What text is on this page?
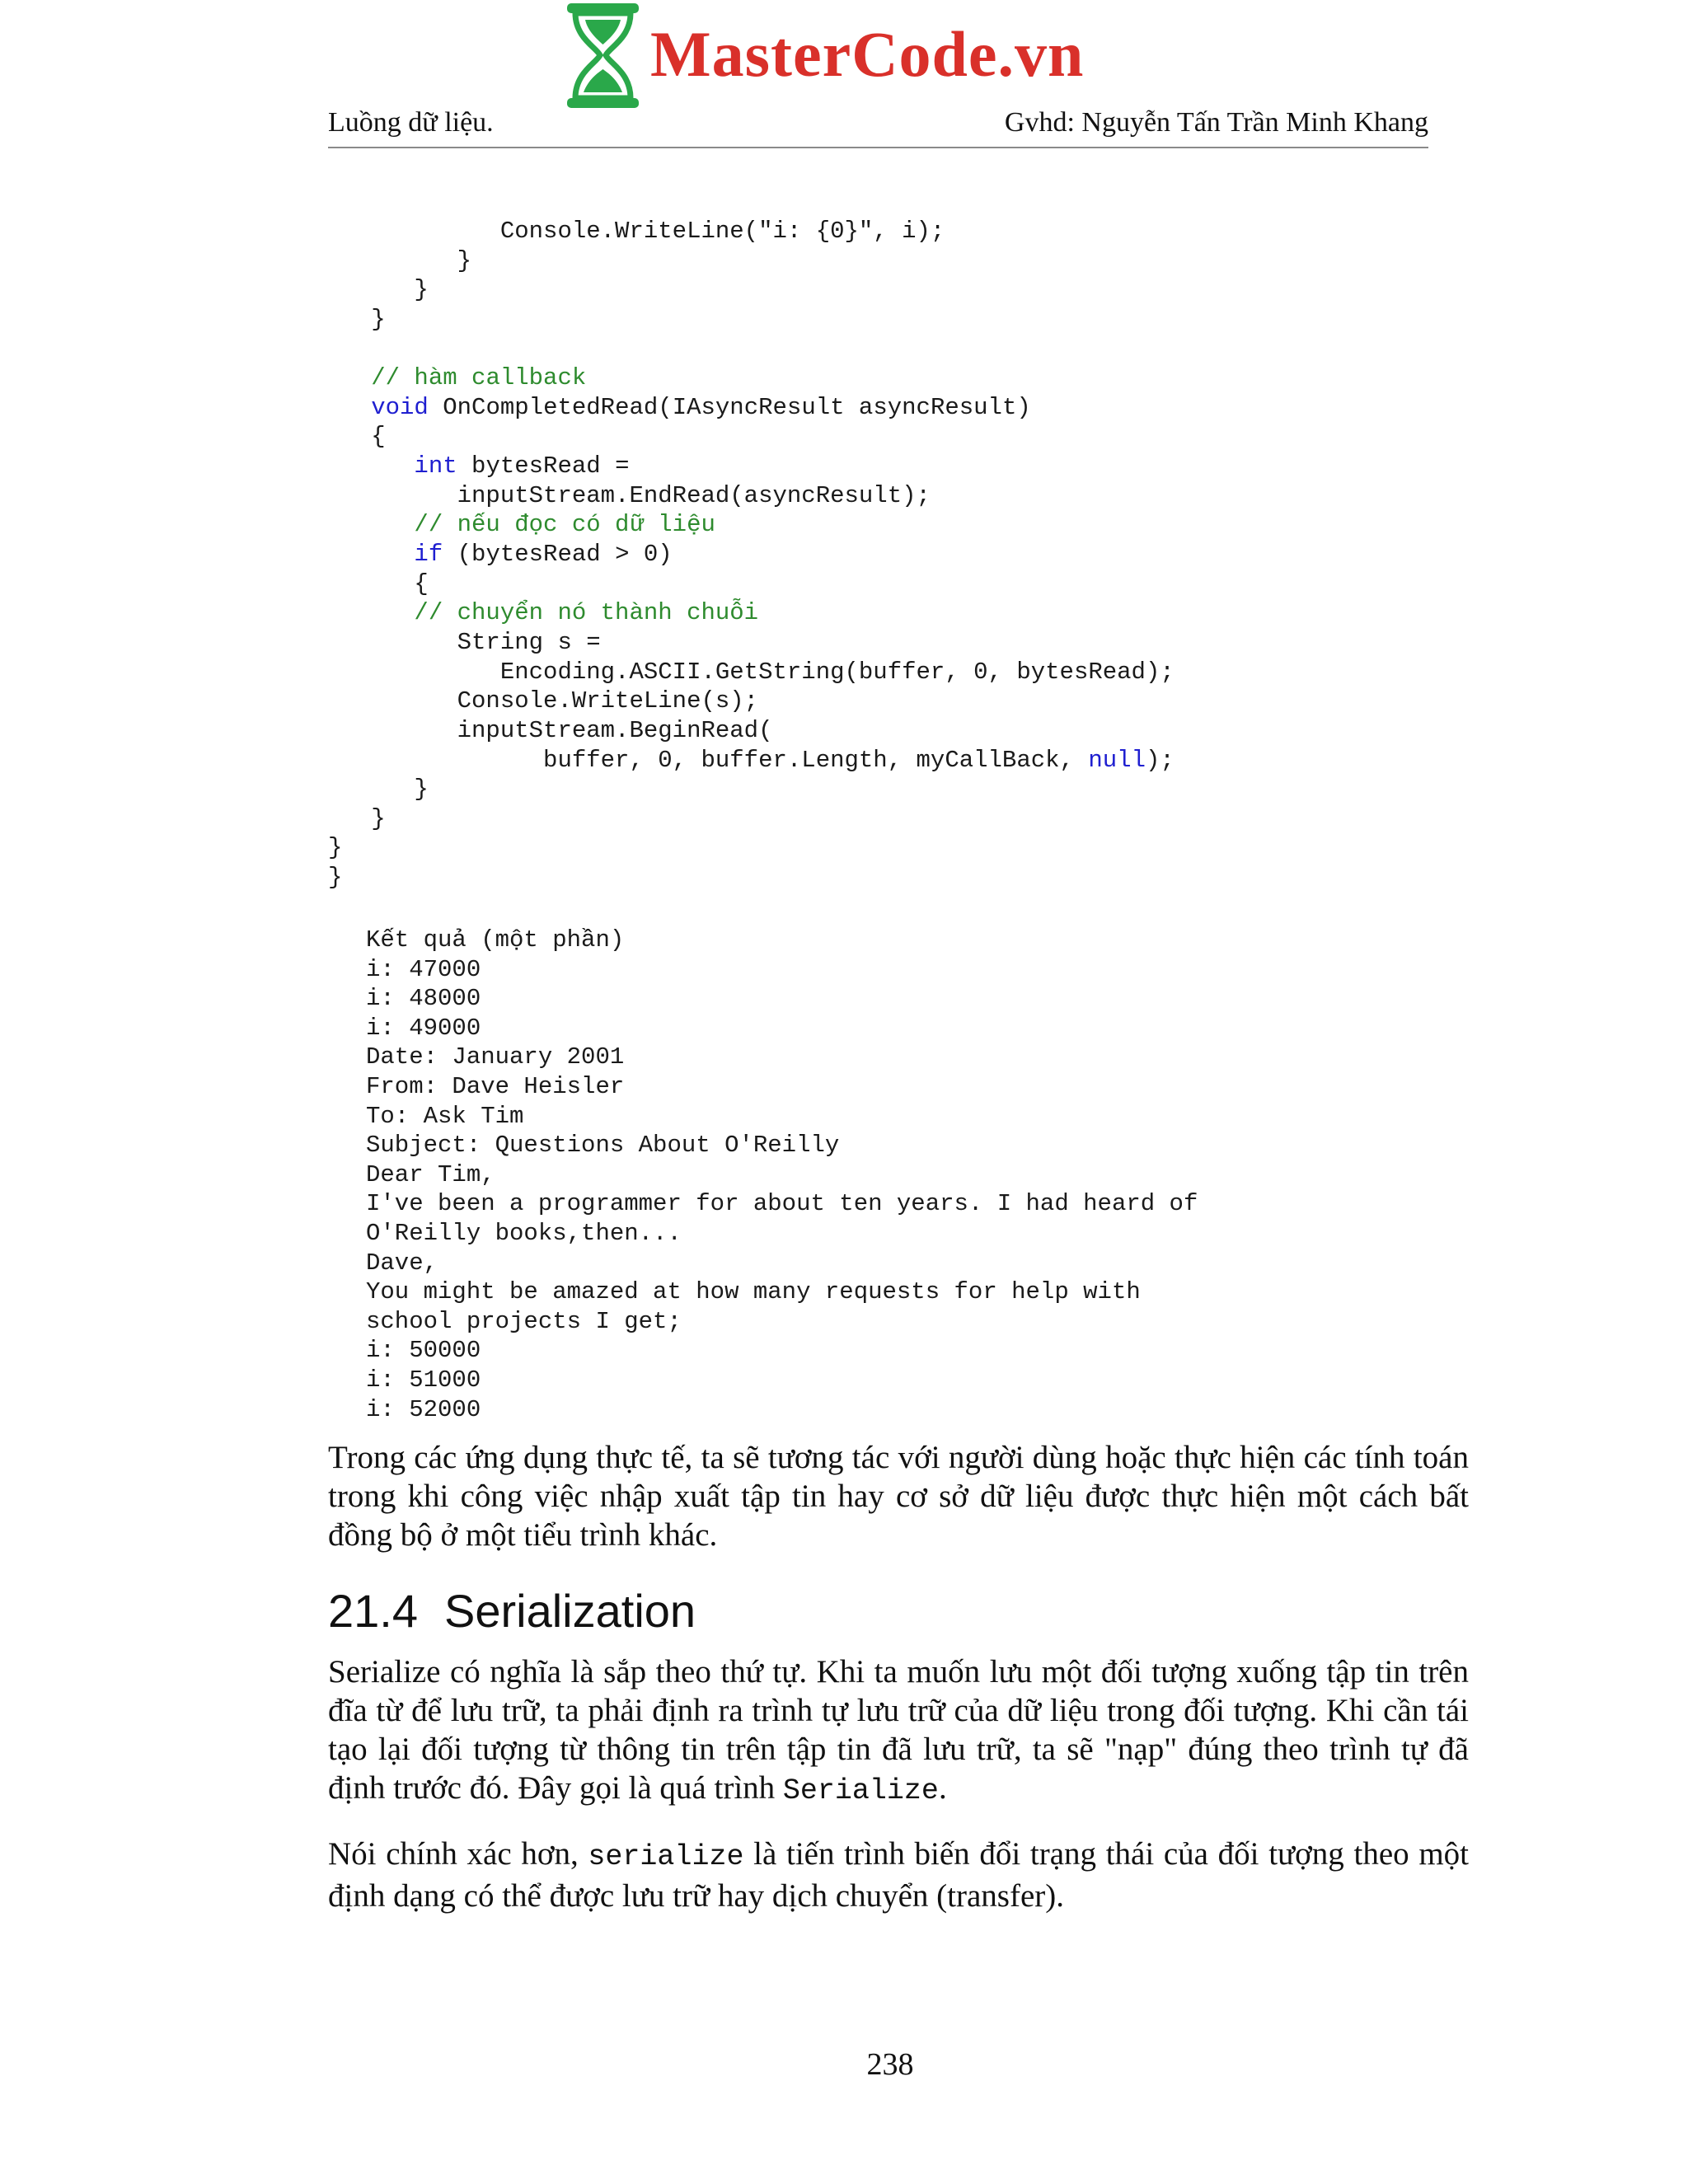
MasterCode.vn
Luồng dữ liệu.	Gvhd: Nguyễn Tấn Trần Minh Khang
Console.WriteLine("i: {0}", i);
}
}
}
// hàm callback
void OnCompletedRead(IAsyncResult asyncResult)
{
int bytesRead =
inputStream.EndRead(asyncResult);
// nếu đọc có dữ liệu
if (bytesRead > 0)
{
// chuyển nó thành chuỗi
String s =
Encoding.ASCII.GetString(buffer, 0, bytesRead);
Console.WriteLine(s);
inputStream.BeginRead(
buffer, 0, buffer.Length, myCallBack, null);
}
}
}
}
Kết quả (một phần)
i: 47000
i: 48000
i: 49000
Date: January 2001
From: Dave Heisler
To: Ask Tim
Subject: Questions About O'Reilly
Dear Tim,
I've been a programmer for about ten years. I had heard of
O'Reilly books,then...
Dave,
You might be amazed at how many requests for help with
school projects I get;
i: 50000
i: 51000
i: 52000
Trong các ứng dụng thực tế, ta sẽ tương tác với người dùng hoặc thực hiện các tính toán trong khi công việc nhập xuất tập tin hay cơ sở dữ liệu được thực hiện một cách bất đồng bộ ở một tiểu trình khác.
21.4 Serialization
Serialize có nghĩa là sắp theo thứ tự. Khi ta muốn lưu một đối tượng xuống tập tin trên đĩa từ để lưu trữ, ta phải định ra trình tự lưu trữ của dữ liệu trong đối tượng. Khi cần tái tạo lại đối tượng từ thông tin trên tập tin đã lưu trữ, ta sẽ "nạp" đúng theo trình tự đã định trước đó. Đây gọi là quá trình Serialize.
Nói chính xác hơn, serialize là tiến trình biến đổi trạng thái của đối tượng theo một định dạng có thể được lưu trữ hay dịch chuyển (transfer).
238
